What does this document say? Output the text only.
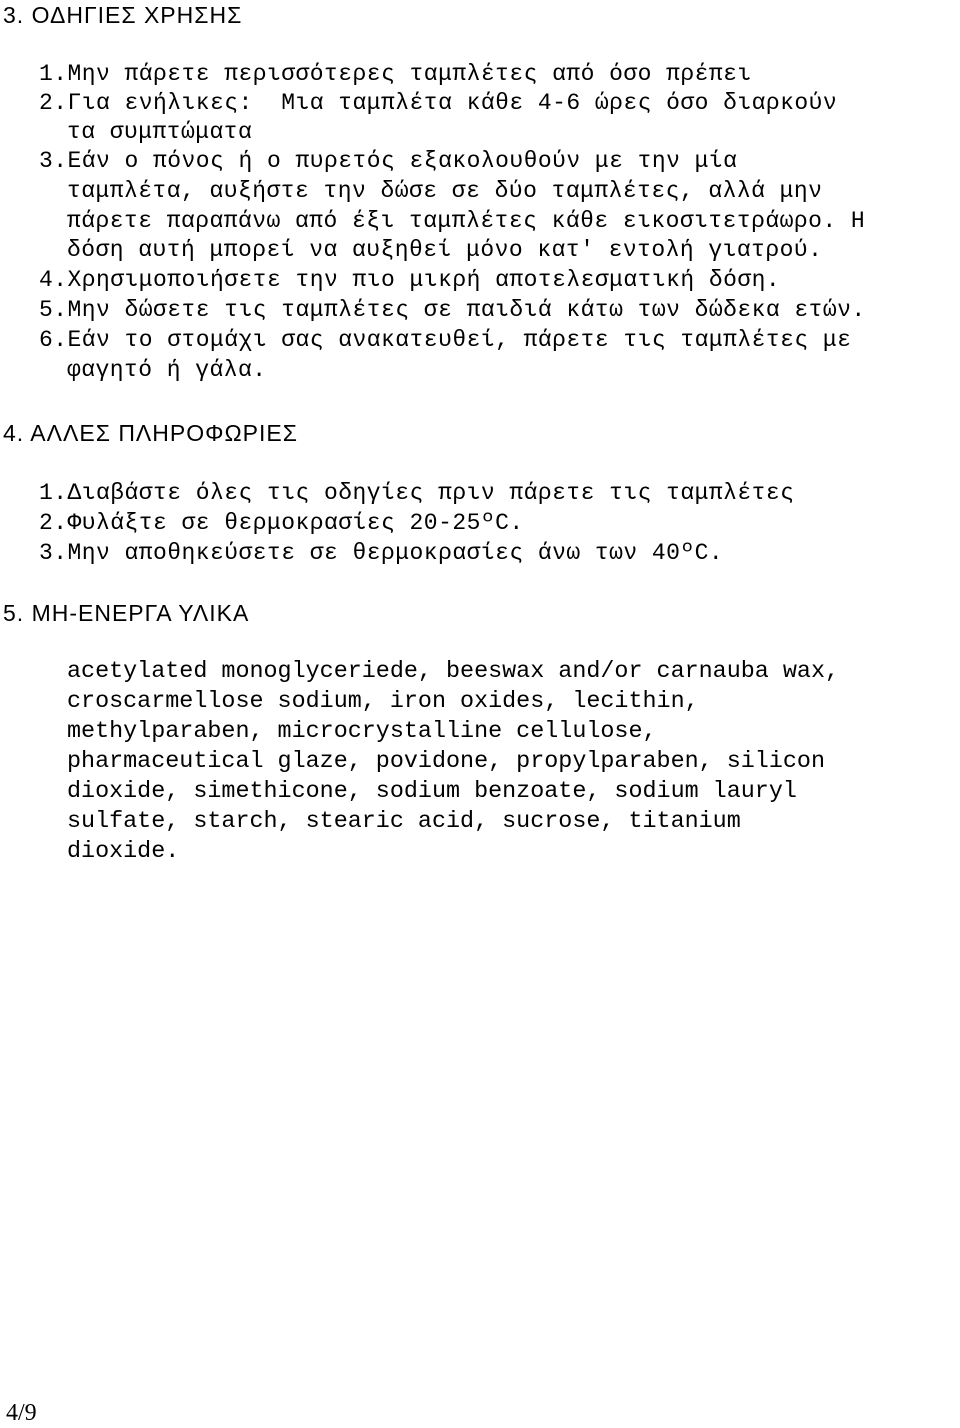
3. ΟΔΗΓΙΕΣ ΧΡΗΣΗΣ
1.Μην πάρετε περισσότερες ταμπλέτες από όσο πρέπει
2.Για ενήλικες:  Μια ταμπλέτα κάθε 4-6 ώρες όσο διαρκούν
τα συμπτώματα
3.Εάν ο πόνος ή ο πυρετός εξακολουθούν με την μία
ταμπλέτα, αυξήστε την δώσε σε δύο ταμπλέτες, αλλά μην
πάρετε παραπάνω από έξι ταμπλέτες κάθε εικοσιτετράωρο. Η
δόση αυτή μπορεί να αυξηθεί μόνο κατ' εντολή γιατρού.
4.Χρησιμοποιήσετε την πιο μικρή αποτελεσματική δόση.
5.Μην δώσετε τις ταμπλέτες σε παιδιά κάτω των δώδεκα ετών.
6.Εάν το στομάχι σας ανακατευθεί, πάρετε τις ταμπλέτες με
φαγητό ή γάλα.
4. ΑΛΛΕΣ ΠΛΗΡΟΦΩΡΙΕΣ
1.Διαβάστε όλες τις οδηγίες πριν πάρετε τις ταμπλέτες
2.Φυλάξτε σε θερμοκρασίες 20-25ºC.
3.Μην αποθηκεύσετε σε θερμοκρασίες άνω των 40ºC.
5. ΜΗ-ΕΝΕΡΓΑ ΥΛΙΚΑ
acetylated monoglyceriede, beeswax and/or carnauba wax,
croscarmellose sodium, iron oxides, lecithin,
methylparaben, microcrystalline cellulose,
pharmaceutical glaze, povidone, propylparaben, silicon
dioxide, simethicone, sodium benzoate, sodium lauryl
sulfate, starch, stearic acid, sucrose, titanium
dioxide.
4/9
